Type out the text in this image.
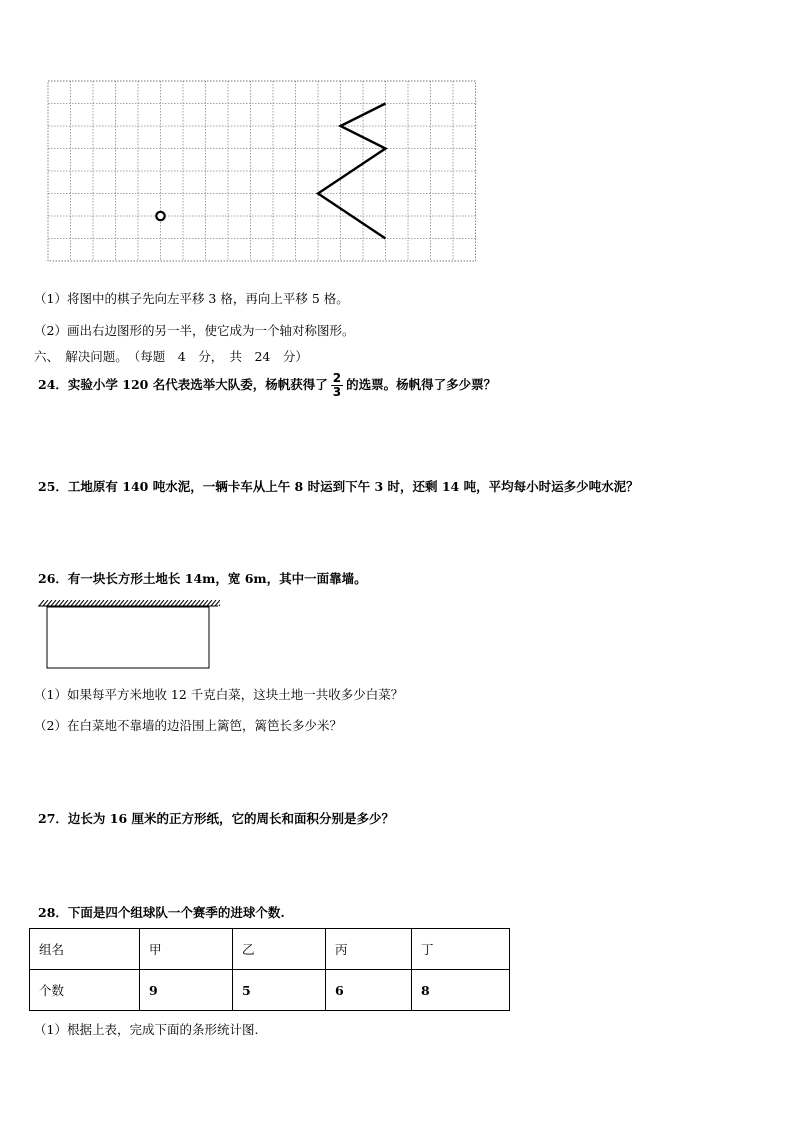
（1）将图中的棋子先向左平移 3 格，再向上平移 5 格。
（2）画出右边图形的另一半，使它成为一个轴对称图形。
六、　解决问题。　（每题　4　分，　共　24　分）
24．实验小学 120 名代表选举大队委，杨帆获得了 $\frac{2}{3}$ 的选票。杨帆得了多少票？
25．工地原有 140 吨水泥，一辆卡车从上午 8 时运到下午 3 时，还剩 14 吨，平均每小时运多少吨水泥？
26．有一块长方形土地长 14m，宽 6m，其中一面靠墙。
（1）如果每平方米地收 12 千克白菜，这块土地一共收多少白菜？
（2）在白菜地不靠墙的边沿围上篱笆，篱笆长多少米？
27．边长为 16 厘米的正方形纸，它的周长和面积分别是多少？
28．下面是四个组球队一个赛季的进球个数.
组名	甲	乙	丙	丁
个数	9	5	6	8
（1）根据上表，完成下面的条形统计图.
